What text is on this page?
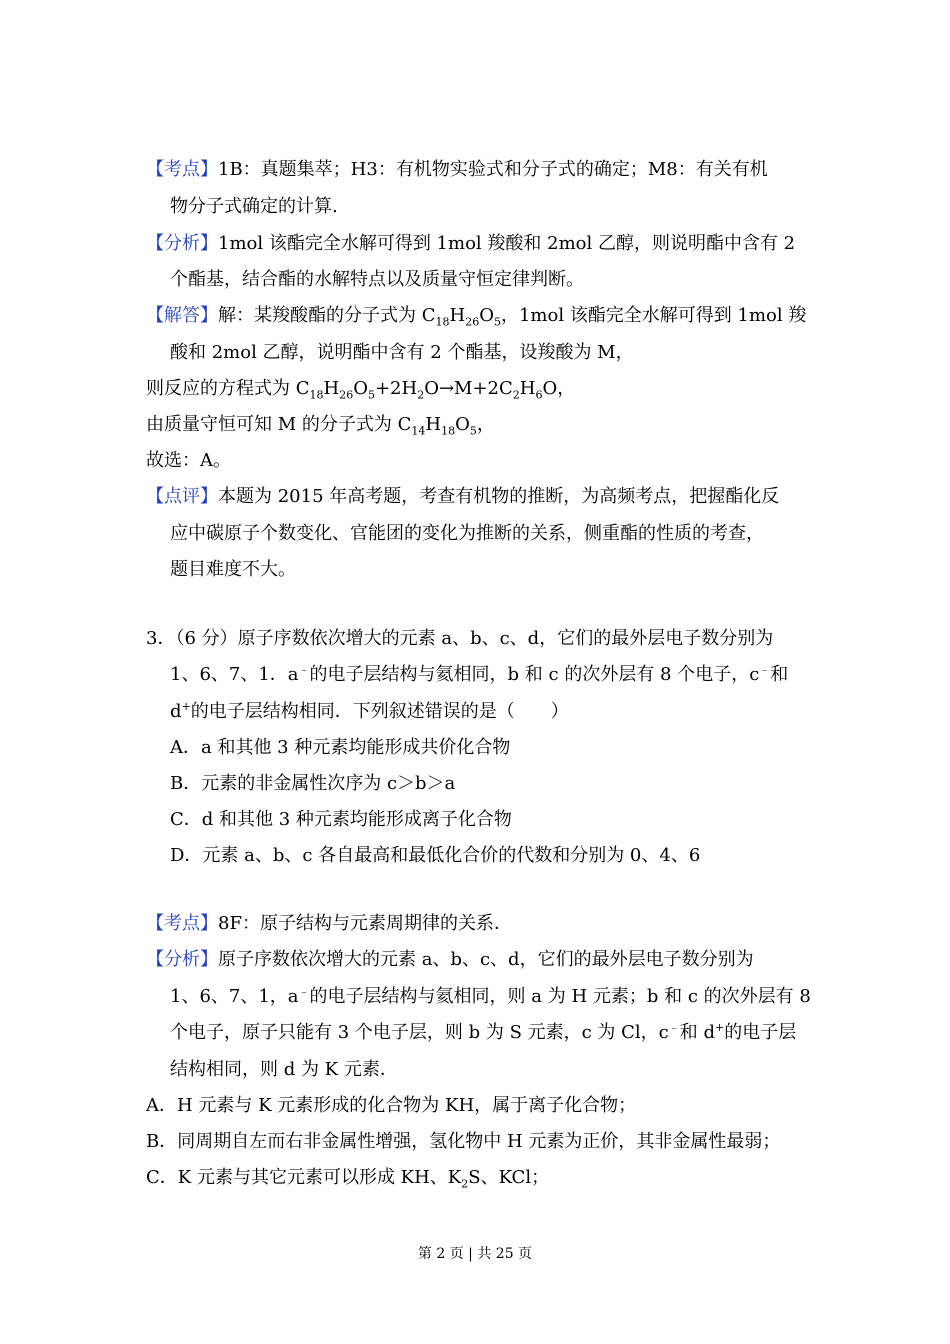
【考点】1B：真题集萃；H3：有机物实验式和分子式的确定；M8：有关有机
物分子式确定的计算.
【分析】1mol 该酯完全水解可得到 1mol 羧酸和 2mol 乙醇，则说明酯中含有 2
个酯基，结合酯的水解特点以及质量守恒定律判断。
【解答】解：某羧酸酯的分子式为 $C_{18}H_{26}O_5$，1mol 该酯完全水解可得到 1mol 羧
酸和 2mol 乙醇，说明酯中含有 2 个酯基，设羧酸为 M，
则反应的方程式为 $C_{18}H_{26}O_5+2H_2O\to M+2C_2H_6O$，
由质量守恒可知 M 的分子式为 $C_{14}H_{18}O_5$，
故选：A。
【点评】本题为 2015 年高考题，考查有机物的推断，为高频考点，把握酯化反
应中碳原子个数变化、官能团的变化为推断的关系，侧重酯的性质的考查，
题目难度不大。
3．（6 分）原子序数依次增大的元素 a、b、c、d，它们的最外层电子数分别为
1、6、7、1．a﹣的电子层结构与氦相同，b 和 c 的次外层有 8 个电子，c﹣和
d+的电子层结构相同．下列叙述错误的是（　　）
A．a 和其他 3 种元素均能形成共价化合物
B．元素的非金属性次序为 c＞b＞a
C．d 和其他 3 种元素均能形成离子化合物
D．元素 a、b、c 各自最高和最低化合价的代数和分别为 0、4、6
【考点】8F：原子结构与元素周期律的关系．
【分析】原子序数依次增大的元素 a、b、c、d，它们的最外层电子数分别为
1、6、7、1，a﹣的电子层结构与氦相同，则 a 为 H 元素；b 和 c 的次外层有 8
个电子，原子只能有 3 个电子层，则 b 为 S 元素，c 为 Cl，c﹣和 d+的电子层
结构相同，则 d 为 K 元素．
A．H 元素与 K 元素形成的化合物为 KH，属于离子化合物；
B．同周期自左而右非金属性增强，氢化物中 H 元素为正价，其非金属性最弱；
C．K 元素与其它元素可以形成 KH、$K_2S$、KCl；
第 2 页 | 共 25 页
